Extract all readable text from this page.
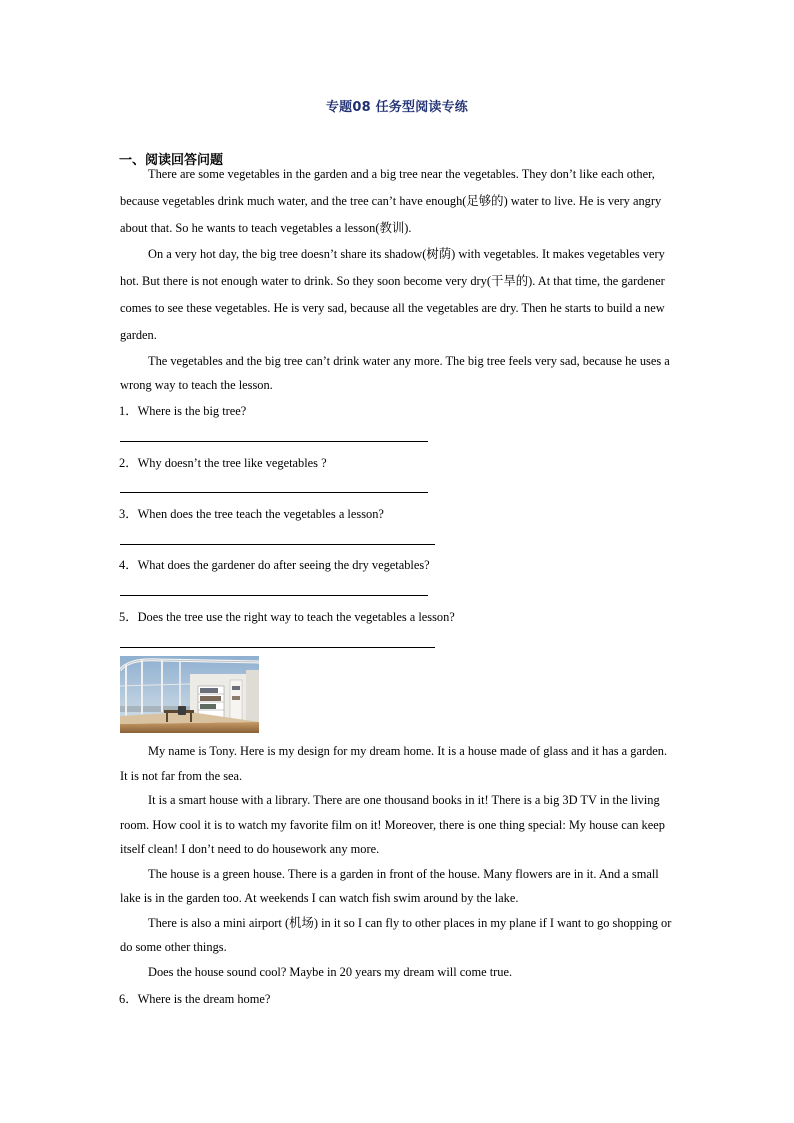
专题08 任务型阅读专练
一、阅读回答问题

There are some vegetables in the garden and a big tree near the vegetables. They don’t like each other, because vegetables drink much water, and the tree can’t have enough(足够的) water to live. He is very angry about that. So he wants to teach vegetables a lesson(教训).

On a very hot day, the big tree doesn’t share its shadow(树荫) with vegetables. It makes vegetables very hot. But there is not enough water to drink. So they soon become very dry(干旱的). At that time, the gardener comes to see these vegetables. He is very sad, because all the vegetables are dry. Then he starts to build a new garden.

The vegetables and the big tree can’t drink water any more. The big tree feels very sad, because he uses a wrong way to teach the lesson.

1．Where is the big tree?
2．Why doesn’t the tree like vegetables ?
3．When does the tree teach the vegetables a lesson?
4．What does the gardener do after seeing the dry vegetables?
5．Does the tree use the right way to teach the vegetables a lesson?

My name is Tony. Here is my design for my dream home. It is a house made of glass and it has a garden. It is not far from the sea.

It is a smart house with a library. There are one thousand books in it! There is a big 3D TV in the living room. How cool it is to watch my favorite film on it! Moreover, there is one thing special: My house can keep itself clean! I don’t need to do housework any more.

The house is a green house. There is a garden in front of the house. Many flowers are in it. And a small lake is in the garden too. At weekends I can watch fish swim around by the lake.

There is also a mini airport (机场) in it so I can fly to other places in my plane if I want to go shopping or do some other things.

Does the house sound cool? Maybe in 20 years my dream will come true.

6．Where is the dream home?
